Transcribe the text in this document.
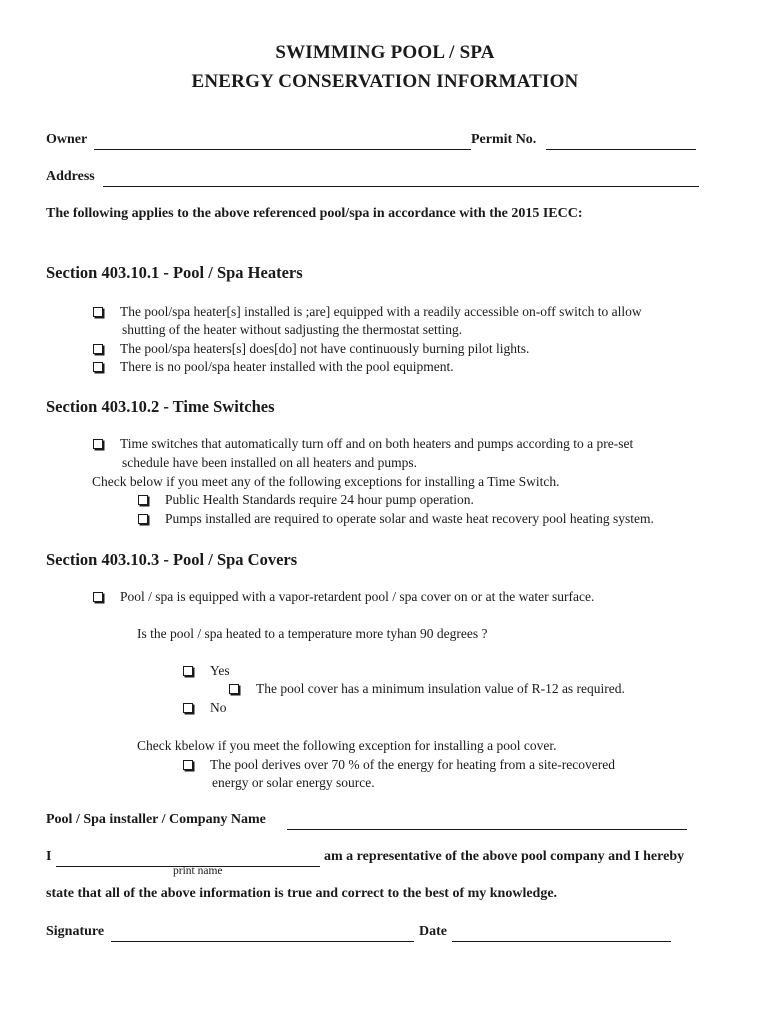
SWIMMING POOL / SPA
ENERGY CONSERVATION INFORMATION
Owner	Permit No.
Address
The following applies to the above referenced pool/spa in accordance with the 2015 IECC:
Section 403.10.1 - Pool / Spa Heaters
The pool/spa heater[s] installed is ;are] equipped with a readily accessible on-off switch to allow
shutting of the heater without sadjusting the thermostat setting.
The pool/spa heaters[s] does[do] not have continuously burning pilot lights.
There is no pool/spa heater installed with the pool equipment.
Section 403.10.2 - Time Switches
Time switches that automatically turn off and on both heaters and pumps according to a pre-set
schedule have been installed on all heaters and pumps.
Check below if you meet any of the following exceptions for installing a Time Switch.
Public Health Standards require 24 hour pump operation.
Pumps installed are required to operate solar and waste heat recovery pool heating system.
Section 403.10.3 - Pool / Spa Covers
Pool / spa is equipped with a vapor-retardent pool / spa cover on or at the water surface.
Is the pool / spa heated to a temperature more tyhan 90 degrees ?
Yes
The pool cover has a minimum insulation value of R-12 as required.
No
Check kbelow if you meet the following exception for installing a pool cover.
The pool derives over 70 % of the energy for heating from a site-recovered
energy or solar energy source.
Pool / Spa installer / Company Name
I
print name
am a representative of the above pool company and I hereby
state that all of the above information is true and correct to the best of my knowledge.
Signature	Date
